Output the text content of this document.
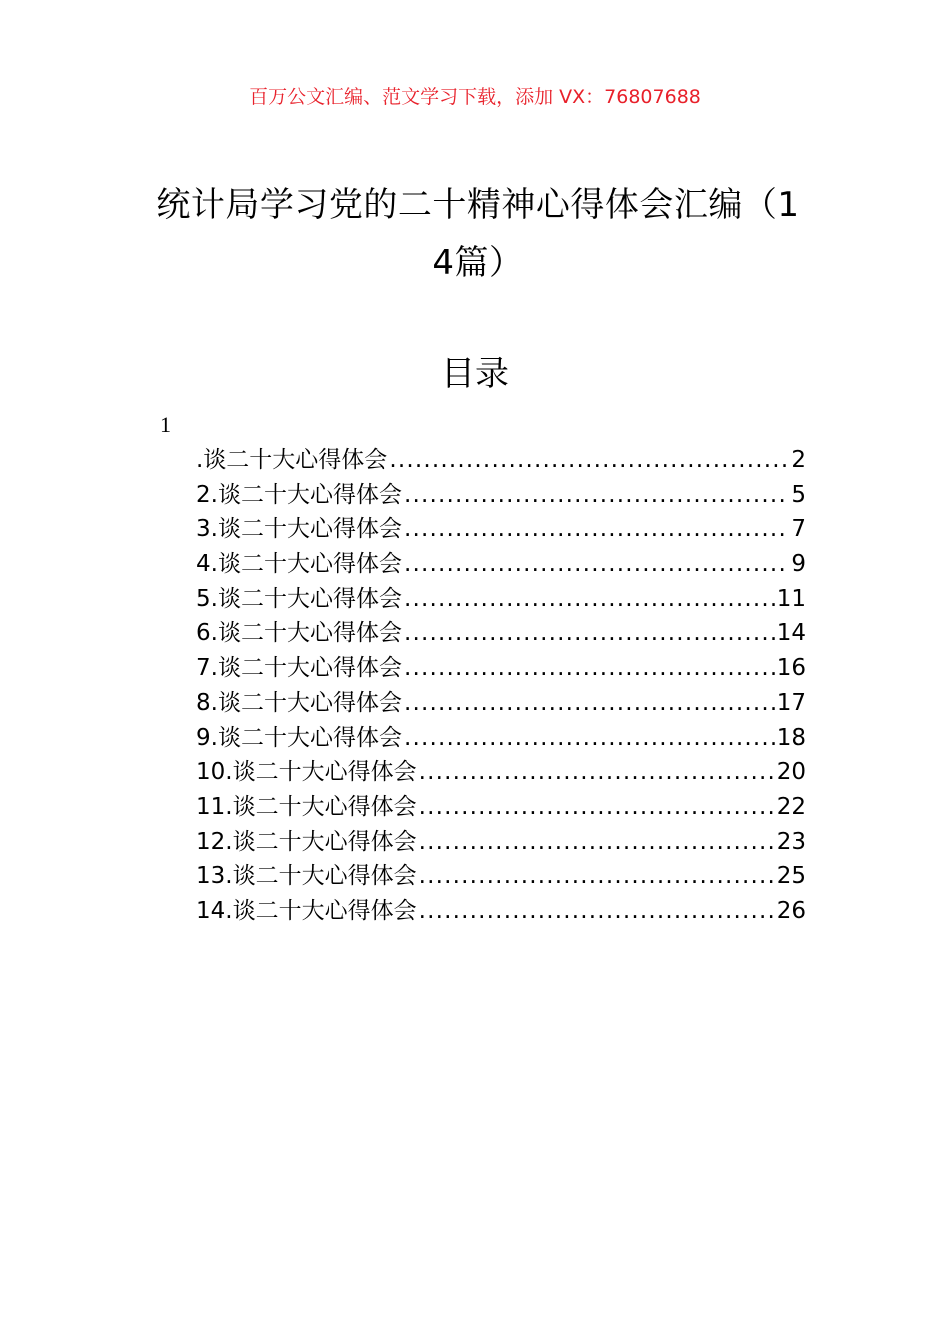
百万公文汇编、范文学习下载，添加 VX：76807688
统计局学习党的二十精神心得体会汇编（1
4篇）
目录
1
.谈二十大心得体会 .....	2
2.谈二十大心得体会 .....	5
3.谈二十大心得体会 .....	7
4.谈二十大心得体会 .....	9
5.谈二十大心得体会 .....	11
6.谈二十大心得体会 .....	14
7.谈二十大心得体会 .....	16
8.谈二十大心得体会 .....	17
9.谈二十大心得体会 .....	18
10.谈二十大心得体会 .....	20
11.谈二十大心得体会 .....	22
12.谈二十大心得体会 .....	23
13.谈二十大心得体会 .....	25
14.谈二十大心得体会 .....	26
